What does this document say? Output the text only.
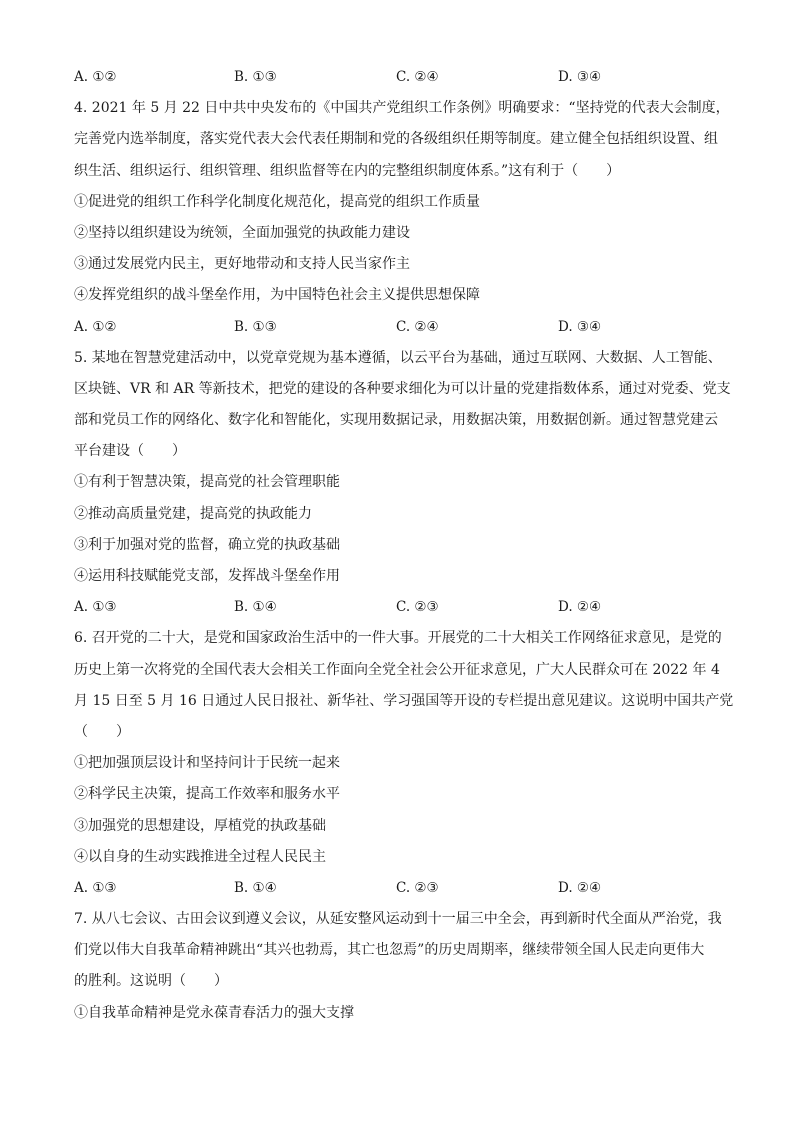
A. ①②	B. ①③	C. ②④	D. ③④
4. 2021 年 5 月 22 日中共中央发布的《中国共产党组织工作条例》明确要求：“坚持党的代表大会制度，
完善党内选举制度，落实党代表大会代表任期制和党的各级组织任期等制度。建立健全包括组织设置、组
织生活、组织运行、组织管理、组织监督等在内的完整组织制度体系。”这有利于（　　）
①促进党的组织工作科学化制度化规范化，提高党的组织工作质量
②坚持以组织建设为统领，全面加强党的执政能力建设
③通过发展党内民主，更好地带动和支持人民当家作主
④发挥党组织的战斗堡垒作用，为中国特色社会主义提供思想保障
A. ①②	B. ①③	C. ②④	D. ③④
5. 某地在智慧党建活动中，以党章党规为基本遵循，以云平台为基础，通过互联网、大数据、人工智能、
区块链、VR 和 AR 等新技术，把党的建设的各种要求细化为可以计量的党建指数体系，通过对党委、党支
部和党员工作的网络化、数字化和智能化，实现用数据记录，用数据决策，用数据创新。通过智慧党建云
平台建设（　　）
①有利于智慧决策，提高党的社会管理职能
②推动高质量党建，提高党的执政能力
③利于加强对党的监督，确立党的执政基础
④运用科技赋能党支部，发挥战斗堡垒作用
A. ①③	B. ①④	C. ②③	D. ②④
6. 召开党的二十大，是党和国家政治生活中的一件大事。开展党的二十大相关工作网络征求意见，是党的
历史上第一次将党的全国代表大会相关工作面向全党全社会公开征求意见，广大人民群众可在 2022 年 4
月 15 日至 5 月 16 日通过人民日报社、新华社、学习强国等开设的专栏提出意见建议。这说明中国共产党
（　　）
①把加强顶层设计和坚持问计于民统一起来
②科学民主决策，提高工作效率和服务水平
③加强党的思想建设，厚植党的执政基础
④以自身的生动实践推进全过程人民民主
A. ①③	B. ①④	C. ②③	D. ②④
7. 从八七会议、古田会议到遵义会议，从延安整风运动到十一届三中全会，再到新时代全面从严治党，我
们党以伟大自我革命精神跳出“其兴也勃焉，其亡也忽焉”的历史周期率，继续带领全国人民走向更伟大
的胜利。这说明（　　）
①自我革命精神是党永葆青春活力的强大支撑
